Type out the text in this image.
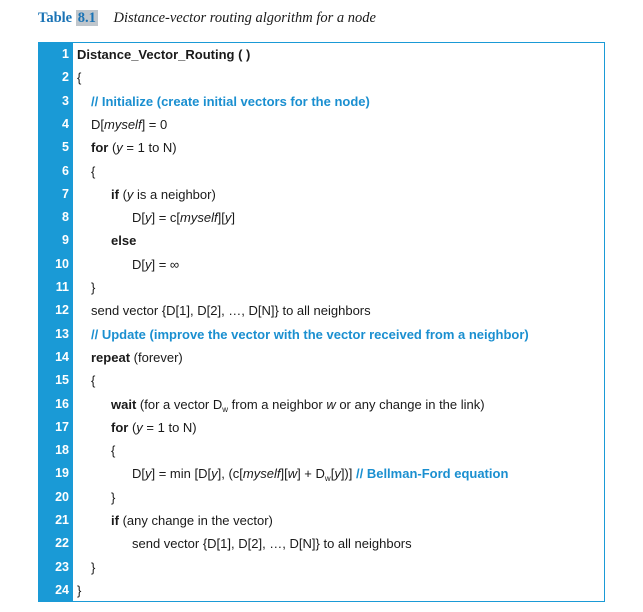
Table 8.1 Distance-vector routing algorithm for a node
1 Distance_Vector_Routing ( )
2 {
3 // Initialize (create initial vectors for the node)
4 D[myself] = 0
5 for (y = 1 to N)
6 {
7	if (y is a neighbor)
8	D[y] = c[myself][y]
9	else
10	D[y] = ∞
11 }
12 send vector {D[1], D[2], …, D[N]} to all neighbors
13 // Update (improve the vector with the vector received from a neighbor)
14 repeat (forever)
15 {
16	wait (for a vector $D_w$ from a neighbor w or any change in the link)
17	for (y = 1 to N)
18	{
19	D[y] = min [D[y], (c[myself][w] + $D_w[y]$)] // Bellman-Ford equation
20	}
21	if (any change in the vector)
22	send vector {D[1], D[2], …, D[N]} to all neighbors
23 }
24 }
